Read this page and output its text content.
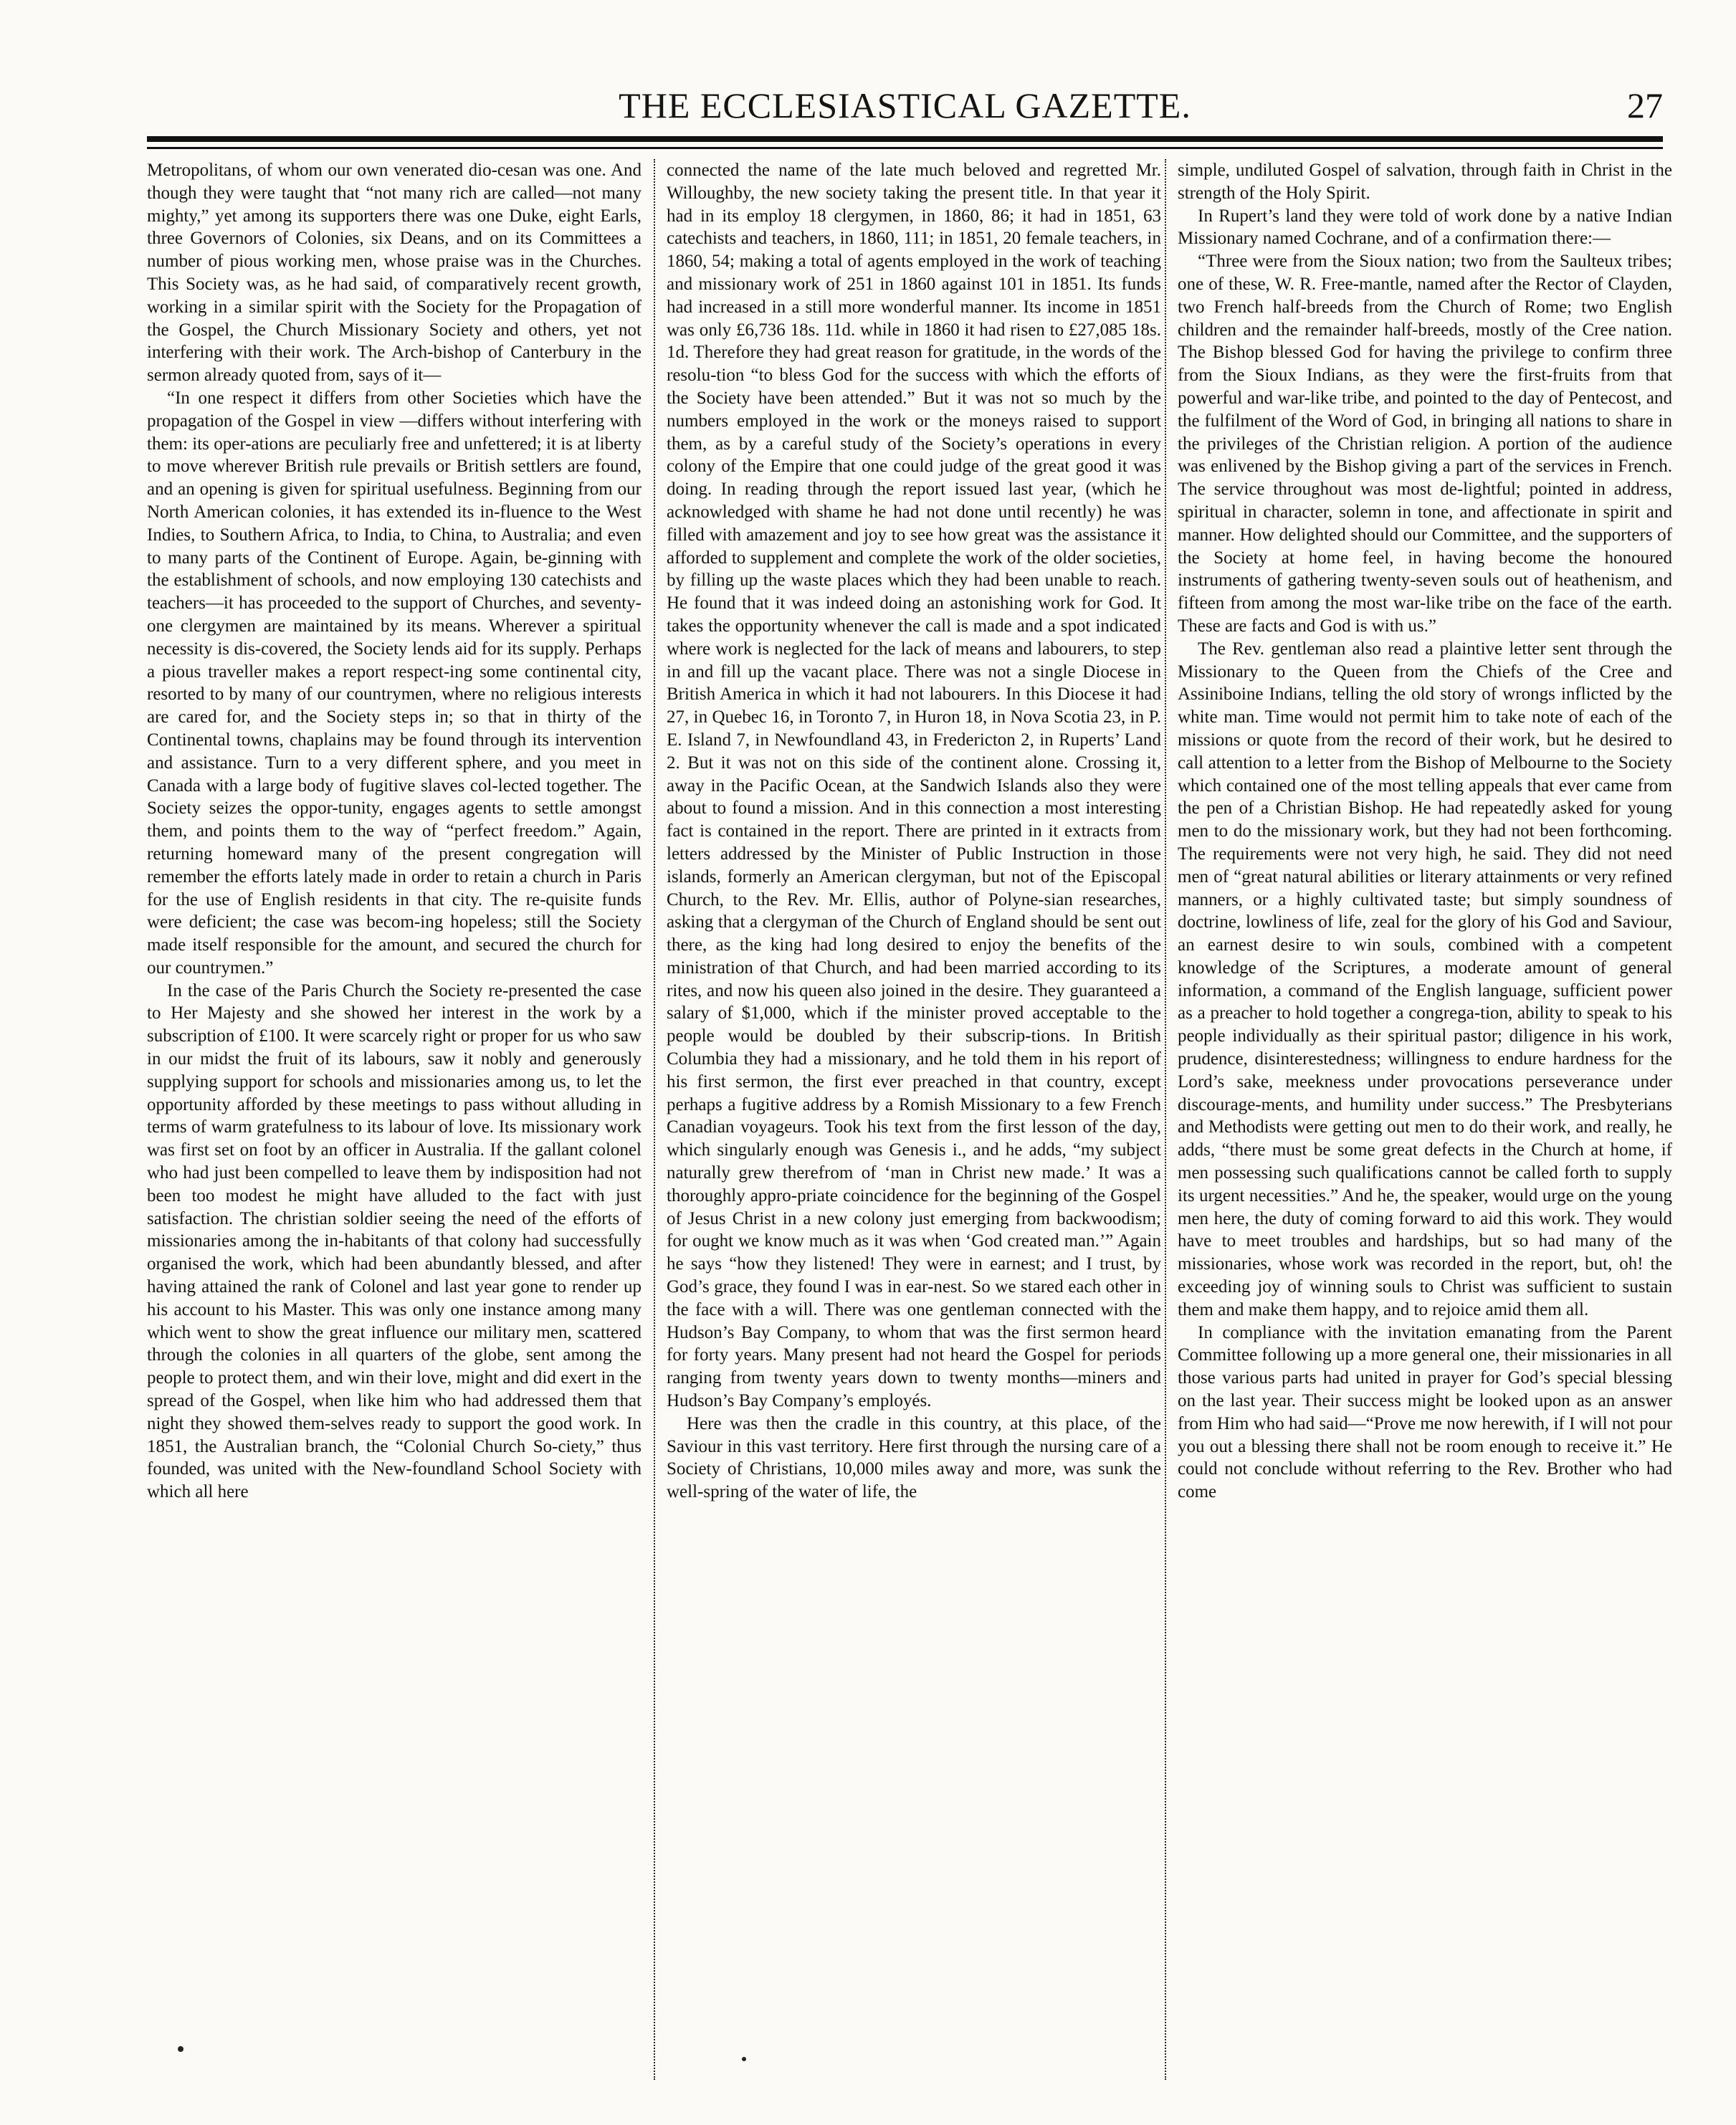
THE ECCLESIASTICAL GAZETTE.	27

Metropolitans, of whom our own venerated dio-cesan was one. And though they were taught that “not many rich are called—not many mighty,” yet among its supporters there was one Duke, eight Earls, three Governors of Colonies, six Deans, and on its Committees a number of pious working men, whose praise was in the Churches. This Society was, as he had said, of comparatively recent growth, working in a similar spirit with the Society for the Propagation of the Gospel, the Church Missionary Society and others, yet not interfering with their work. The Arch-bishop of Canterbury in the sermon already quoted from, says of it—

“In one respect it differs from other Societies which have the propagation of the Gospel in view —differs without interfering with them: its oper-ations are peculiarly free and unfettered; it is at liberty to move wherever British rule prevails or British settlers are found, and an opening is given for spiritual usefulness. Beginning from our North American colonies, it has extended its in-fluence to the West Indies, to Southern Africa, to India, to China, to Australia; and even to many parts of the Continent of Europe. Again, be-ginning with the establishment of schools, and now employing 130 catechists and teachers—it has proceeded to the support of Churches, and seventy-one clergymen are maintained by its means. Wherever a spiritual necessity is dis-covered, the Society lends aid for its supply. Perhaps a pious traveller makes a report respect-ing some continental city, resorted to by many of our countrymen, where no religious interests are cared for, and the Society steps in; so that in thirty of the Continental towns, chaplains may be found through its intervention and assistance. Turn to a very different sphere, and you meet in Canada with a large body of fugitive slaves col-lected together. The Society seizes the oppor-tunity, engages agents to settle amongst them, and points them to the way of “perfect freedom.” Again, returning homeward many of the present congregation will remember the efforts lately made in order to retain a church in Paris for the use of English residents in that city. The re-quisite funds were deficient; the case was becom-ing hopeless; still the Society made itself responsible for the amount, and secured the church for our countrymen.”

In the case of the Paris Church the Society re-presented the case to Her Majesty and she showed her interest in the work by a subscription of £100. It were scarcely right or proper for us who saw in our midst the fruit of its labours, saw it nobly and generously supplying support for schools and missionaries among us, to let the opportunity afforded by these meetings to pass without alluding in terms of warm gratefulness to its labour of love. Its missionary work was first set on foot by an officer in Australia. If the gallant colonel who had just been compelled to leave them by indisposition had not been too modest he might have alluded to the fact with just satisfaction. The christian soldier seeing the need of the efforts of missionaries among the in-habitants of that colony had successfully organised the work, which had been abundantly blessed, and after having attained the rank of Colonel and last year gone to render up his account to his Master. This was only one instance among many which went to show the great influence our military men, scattered through the colonies in all quarters of the globe, sent among the people to protect them, and win their love, might and did exert in the spread of the Gospel, when like him who had addressed them that night they showed them-selves ready to support the good work. In 1851, the Australian branch, the “Colonial Church So-ciety,” thus founded, was united with the New-foundland School Society with which all here

connected the name of the late much beloved and regretted Mr. Willoughby, the new society taking the present title. In that year it had in its employ 18 clergymen, in 1860, 86; it had in 1851, 63 catechists and teachers, in 1860, 111; in 1851, 20 female teachers, in 1860, 54; making a total of agents employed in the work of teaching and missionary work of 251 in 1860 against 101 in 1851. Its funds had increased in a still more wonderful manner. Its income in 1851 was only £6,736 18s. 11d. while in 1860 it had risen to £27,085 18s. 1d. Therefore they had great reason for gratitude, in the words of the resolu-tion “to bless God for the success with which the efforts of the Society have been attended.” But it was not so much by the numbers employed in the work or the moneys raised to support them, as by a careful study of the Society’s operations in every colony of the Empire that one could judge of the great good it was doing. In reading through the report issued last year, (which he acknowledged with shame he had not done until recently) he was filled with amazement and joy to see how great was the assistance it afforded to supplement and complete the work of the older societies, by filling up the waste places which they had been unable to reach. He found that it was indeed doing an astonishing work for God. It takes the opportunity whenever the call is made and a spot indicated where work is neglected for the lack of means and labourers, to step in and fill up the vacant place. There was not a single Diocese in British America in which it had not labourers. In this Diocese it had 27, in Quebec 16, in Toronto 7, in Huron 18, in Nova Scotia 23, in P. E. Island 7, in Newfoundland 43, in Fredericton 2, in Ruperts’ Land 2. But it was not on this side of the continent alone. Crossing it, away in the Pacific Ocean, at the Sandwich Islands also they were about to found a mission. And in this connection a most interesting fact is contained in the report. There are printed in it extracts from letters addressed by the Minister of Public Instruction in those islands, formerly an American clergyman, but not of the Episcopal Church, to the Rev. Mr. Ellis, author of Polyne-sian researches, asking that a clergyman of the Church of England should be sent out there, as the king had long desired to enjoy the benefits of the ministration of that Church, and had been married according to its rites, and now his queen also joined in the desire. They guaranteed a salary of $1,000, which if the minister proved acceptable to the people would be doubled by their subscrip-tions. In British Columbia they had a missionary, and he told them in his report of his first sermon, the first ever preached in that country, except perhaps a fugitive address by a Romish Missionary to a few French Canadian voyageurs. Took his text from the first lesson of the day, which singularly enough was Genesis i., and he adds, “my subject naturally grew therefrom of ‘man in Christ new made.’ It was a thoroughly appro-priate coincidence for the beginning of the Gospel of Jesus Christ in a new colony just emerging from backwoodism; for ought we know much as it was when ‘God created man.’” Again he says “how they listened! They were in earnest; and I trust, by God’s grace, they found I was in ear-nest. So we stared each other in the face with a will. There was one gentleman connected with the Hudson’s Bay Company, to whom that was the first sermon heard for forty years. Many present had not heard the Gospel for periods ranging from twenty years down to twenty months—miners and Hudson’s Bay Company’s employés.

Here was then the cradle in this country, at this place, of the Saviour in this vast territory. Here first through the nursing care of a Society of Christians, 10,000 miles away and more, was sunk the well-spring of the water of life, the

simple, undiluted Gospel of salvation, through faith in Christ in the strength of the Holy Spirit.

In Rupert’s land they were told of work done by a native Indian Missionary named Cochrane, and of a confirmation there:—

“Three were from the Sioux nation; two from the Saulteux tribes; one of these, W. R. Free-mantle, named after the Rector of Clayden, two French half-breeds from the Church of Rome; two English children and the remainder half-breeds, mostly of the Cree nation. The Bishop blessed God for having the privilege to confirm three from the Sioux Indians, as they were the first-fruits from that powerful and war-like tribe, and pointed to the day of Pentecost, and the fulfilment of the Word of God, in bringing all nations to share in the privileges of the Christian religion. A portion of the audience was enlivened by the Bishop giving a part of the services in French. The service throughout was most de-lightful; pointed in address, spiritual in character, solemn in tone, and affectionate in spirit and manner. How delighted should our Committee, and the supporters of the Society at home feel, in having become the honoured instruments of gathering twenty-seven souls out of heathenism, and fifteen from among the most war-like tribe on the face of the earth. These are facts and God is with us.”

The Rev. gentleman also read a plaintive letter sent through the Missionary to the Queen from the Chiefs of the Cree and Assiniboine Indians, telling the old story of wrongs inflicted by the white man. Time would not permit him to take note of each of the missions or quote from the record of their work, but he desired to call attention to a letter from the Bishop of Melbourne to the Society which contained one of the most telling appeals that ever came from the pen of a Christian Bishop. He had repeatedly asked for young men to do the missionary work, but they had not been forthcoming. The requirements were not very high, he said. They did not need men of “great natural abilities or literary attainments or very refined manners, or a highly cultivated taste; but simply soundness of doctrine, lowliness of life, zeal for the glory of his God and Saviour, an earnest desire to win souls, combined with a competent knowledge of the Scriptures, a moderate amount of general information, a command of the English language, sufficient power as a preacher to hold together a congrega-tion, ability to speak to his people individually as their spiritual pastor; diligence in his work, prudence, disinterestedness; willingness to endure hardness for the Lord’s sake, meekness under provocations perseverance under discourage-ments, and humility under success.” The Presbyterians and Methodists were getting out men to do their work, and really, he adds, “there must be some great defects in the Church at home, if men possessing such qualifications cannot be called forth to supply its urgent necessities.” And he, the speaker, would urge on the young men here, the duty of coming forward to aid this work. They would have to meet troubles and hardships, but so had many of the missionaries, whose work was recorded in the report, but, oh! the exceeding joy of winning souls to Christ was sufficient to sustain them and make them happy, and to rejoice amid them all.

In compliance with the invitation emanating from the Parent Committee following up a more general one, their missionaries in all those various parts had united in prayer for God’s special blessing on the last year. Their success might be looked upon as an answer from Him who had said—“Prove me now herewith, if I will not pour you out a blessing there shall not be room enough to receive it.” He could not conclude without referring to the Rev. Brother who had come
